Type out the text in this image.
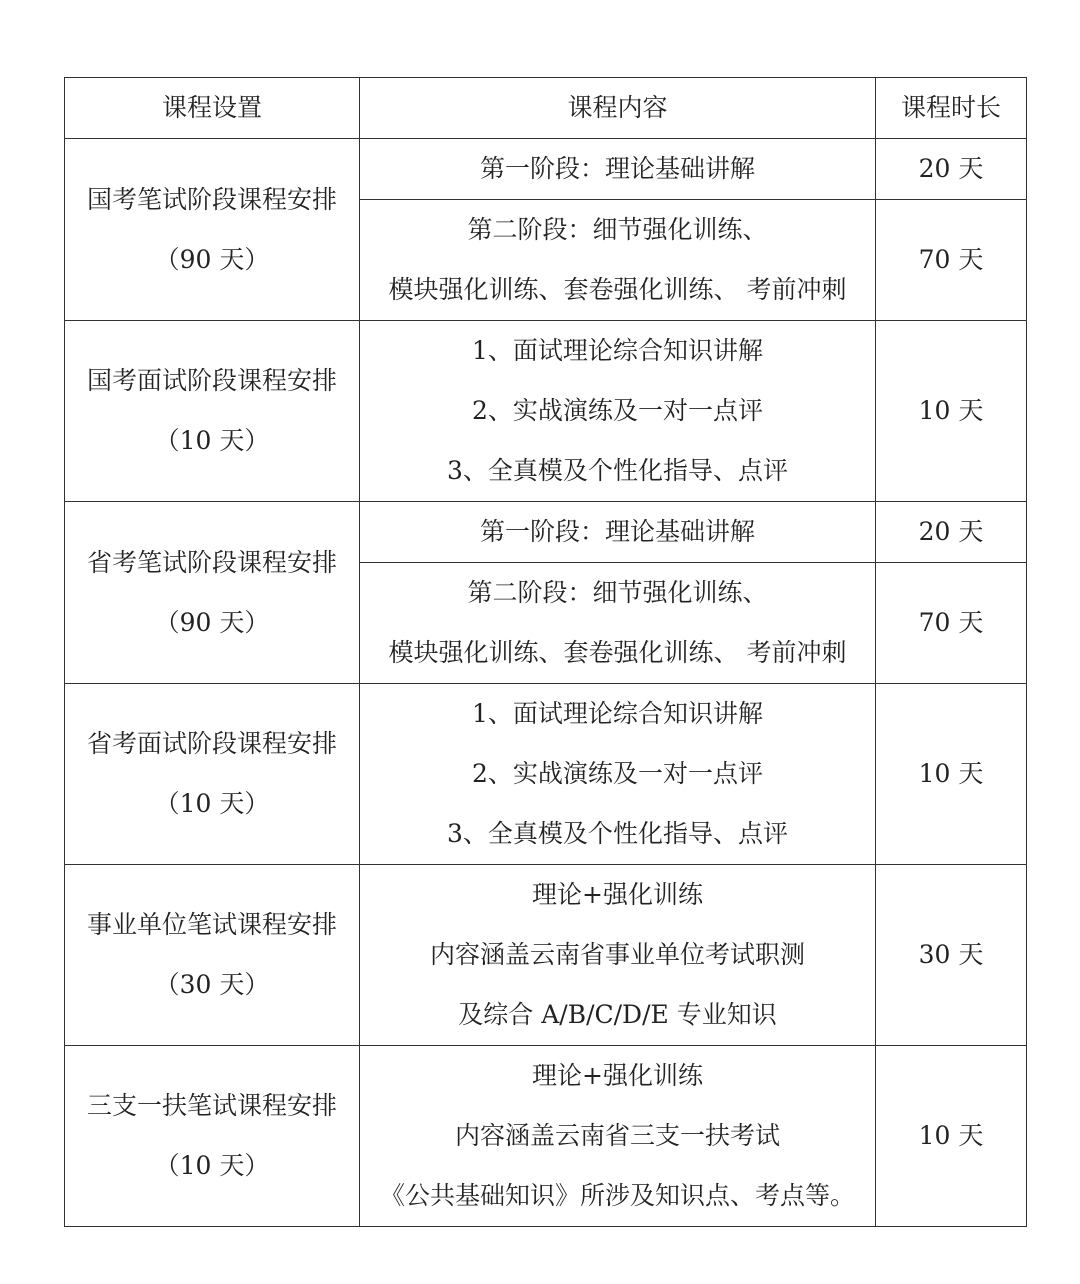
课程设置	课程内容	课程时长

国考笔试阶段课程安排
（90 天）	第一阶段：理论基础讲解	20 天

	第二阶段：细节强化训练、
模块强化训练、套卷强化训练、 考前冲刺	70 天

国考面试阶段课程安排
（10 天）	1、面试理论综合知识讲解
2、实战演练及一对一点评
3、全真模及个性化指导、点评	10 天

省考笔试阶段课程安排
（90 天）	第一阶段：理论基础讲解	20 天

	第二阶段：细节强化训练、
模块强化训练、套卷强化训练、 考前冲刺	70 天

省考面试阶段课程安排
（10 天）	1、面试理论综合知识讲解
2、实战演练及一对一点评
3、全真模及个性化指导、点评	10 天

事业单位笔试课程安排
（30 天）	理论+强化训练
内容涵盖云南省事业单位考试职测
及综合 A/B/C/D/E 专业知识	30 天

三支一扶笔试课程安排
（10 天）	理论+强化训练
内容涵盖云南省三支一扶考试
《公共基础知识》所涉及知识点、考点等。	10 天
